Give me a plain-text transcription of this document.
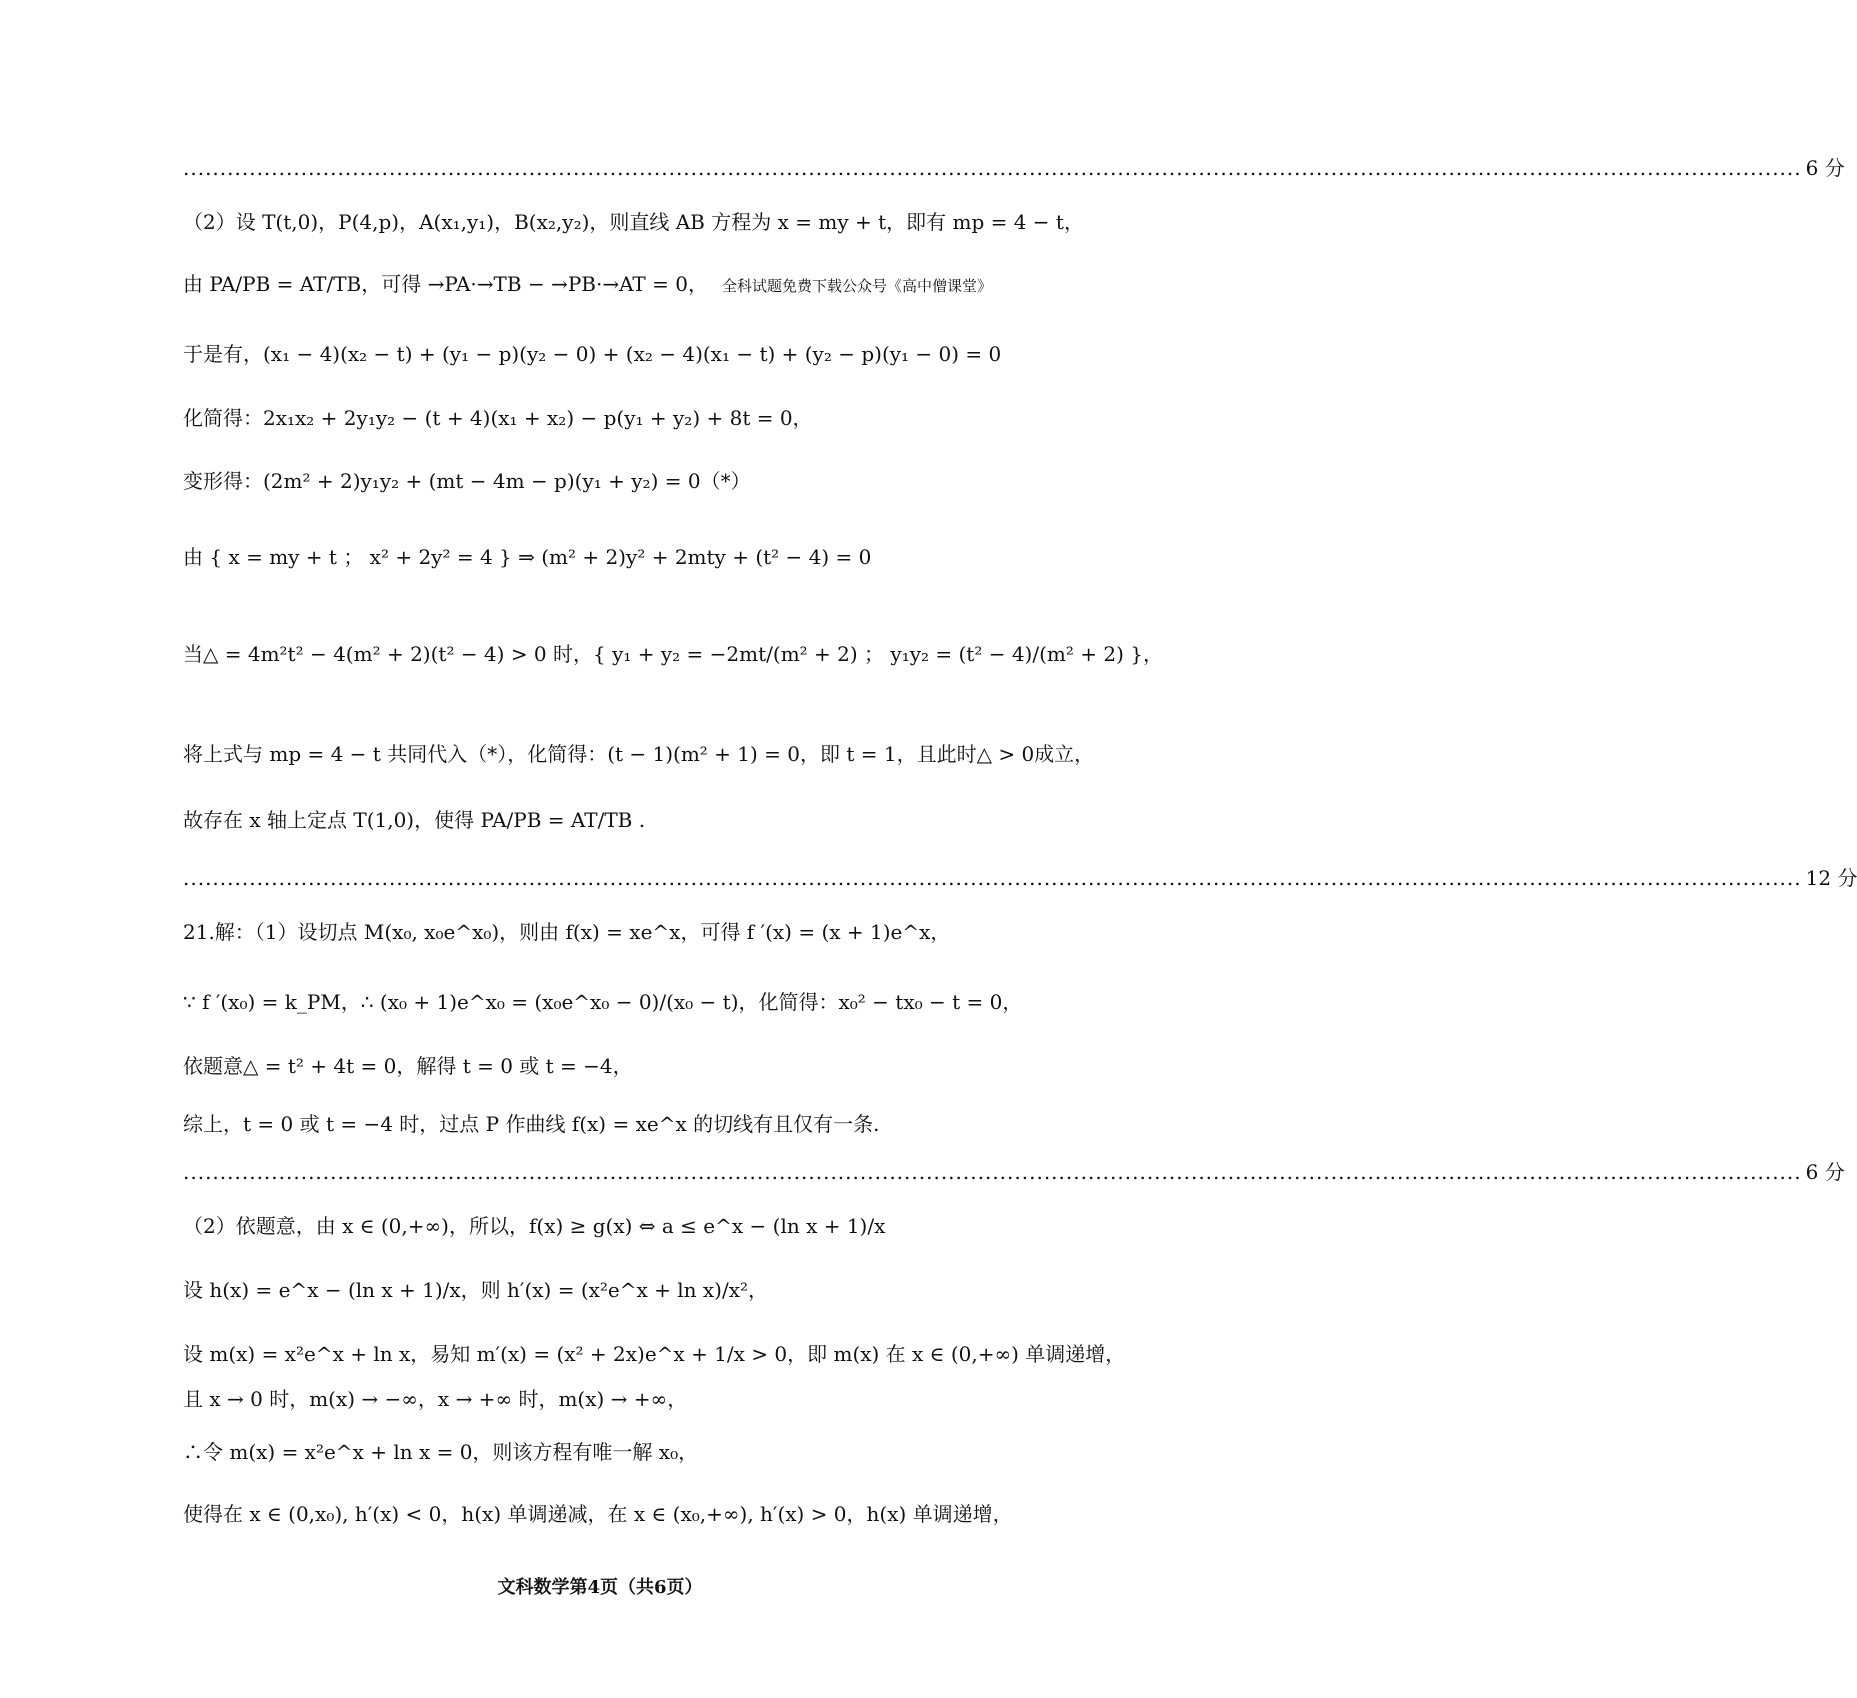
............................................................................................................................................................................................................................ 6 分
（2）设 T(t,0)，P(4,p)，A(x₁,y₁)，B(x₂,y₂)，则直线 AB 方程为 x = my + t，即有 mp = 4 − t，
由 PA/PB = AT/TB，可得 →PA·→TB − →PB·→AT = 0， 全科试题免费下载公众号《高中僧课堂》
于是有，(x₁ − 4)(x₂ − t) + (y₁ − p)(y₂ − 0) + (x₂ − 4)(x₁ − t) + (y₂ − p)(y₁ − 0) = 0
化简得：2x₁x₂ + 2y₁y₂ − (t + 4)(x₁ + x₂) − p(y₁ + y₂) + 8t = 0，
变形得：(2m² + 2)y₁y₂ + (mt − 4m − p)(y₁ + y₂) = 0（*）
由 { x = my + t ； x² + 2y² = 4 } ⇒ (m² + 2)y² + 2mty + (t² − 4) = 0
当△ = 4m²t² − 4(m² + 2)(t² − 4) > 0 时，{ y₁ + y₂ = −2mt/(m² + 2) ； y₁y₂ = (t² − 4)/(m² + 2) }，
将上式与 mp = 4 − t 共同代入（*），化简得：(t − 1)(m² + 1) = 0，即 t = 1，且此时△ > 0成立，
故存在 x 轴上定点 T(1,0)，使得 PA/PB = AT/TB .
............................................................................................................................................................................................................................ 12 分
21.解：（1）设切点 M(x₀, x₀e^x₀)，则由 f(x) = xe^x，可得 f ′(x) = (x + 1)e^x，
∵ f ′(x₀) = k_PM，∴ (x₀ + 1)e^x₀ = (x₀e^x₀ − 0)/(x₀ − t)，化简得：x₀² − tx₀ − t = 0，
依题意△ = t² + 4t = 0，解得 t = 0 或 t = −4，
综上，t = 0 或 t = −4 时，过点 P 作曲线 f(x) = xe^x 的切线有且仅有一条.
............................................................................................................................................................................................................................ 6 分
（2）依题意，由 x ∈ (0,+∞)，所以，f(x) ≥ g(x) ⇔ a ≤ e^x − (ln x + 1)/x
设 h(x) = e^x − (ln x + 1)/x，则 h′(x) = (x²e^x + ln x)/x²，
设 m(x) = x²e^x + ln x，易知 m′(x) = (x² + 2x)e^x + 1/x > 0，即 m(x) 在 x ∈ (0,+∞) 单调递增，
且 x → 0 时，m(x) → −∞，x → +∞ 时，m(x) → +∞，
∴令 m(x) = x²e^x + ln x = 0，则该方程有唯一解 x₀，
使得在 x ∈ (0,x₀), h′(x) < 0，h(x) 单调递减，在 x ∈ (x₀,+∞), h′(x) > 0，h(x) 单调递增，
文科数学第4页（共6页）
